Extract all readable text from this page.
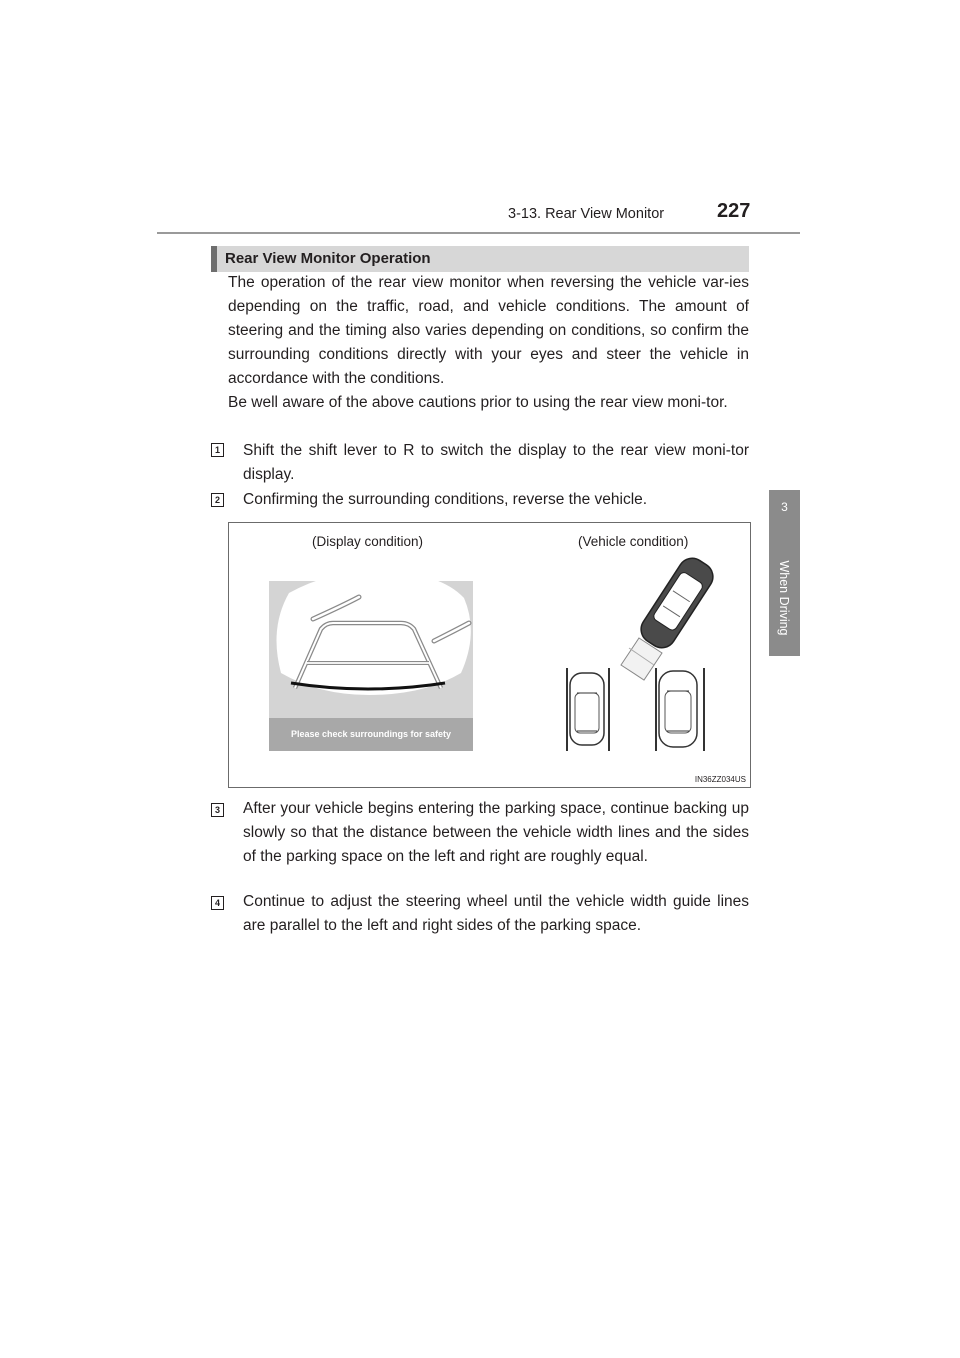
3-13. Rear View Monitor	227
3
When Driving
Rear View Monitor Operation
The operation of the rear view monitor when reversing the vehicle var-ies depending on the traffic, road, and vehicle conditions. The amount of steering and the timing also varies depending on conditions, so confirm the surrounding conditions directly with your eyes and steer the vehicle in accordance with the conditions.
Be well aware of the above cautions prior to using the rear view moni-tor.
1 Shift the shift lever to R to switch the display to the rear view moni-tor display.
2 Confirming the surrounding conditions, reverse the vehicle.
(Display condition)	(Vehicle condition)
Please check surroundings for safety
IN36ZZ034US
3 After your vehicle begins entering the parking space, continue backing up slowly so that the distance between the vehicle width lines and the sides of the parking space on the left and right are roughly equal.
4 Continue to adjust the steering wheel until the vehicle width guide lines are parallel to the left and right sides of the parking space.
